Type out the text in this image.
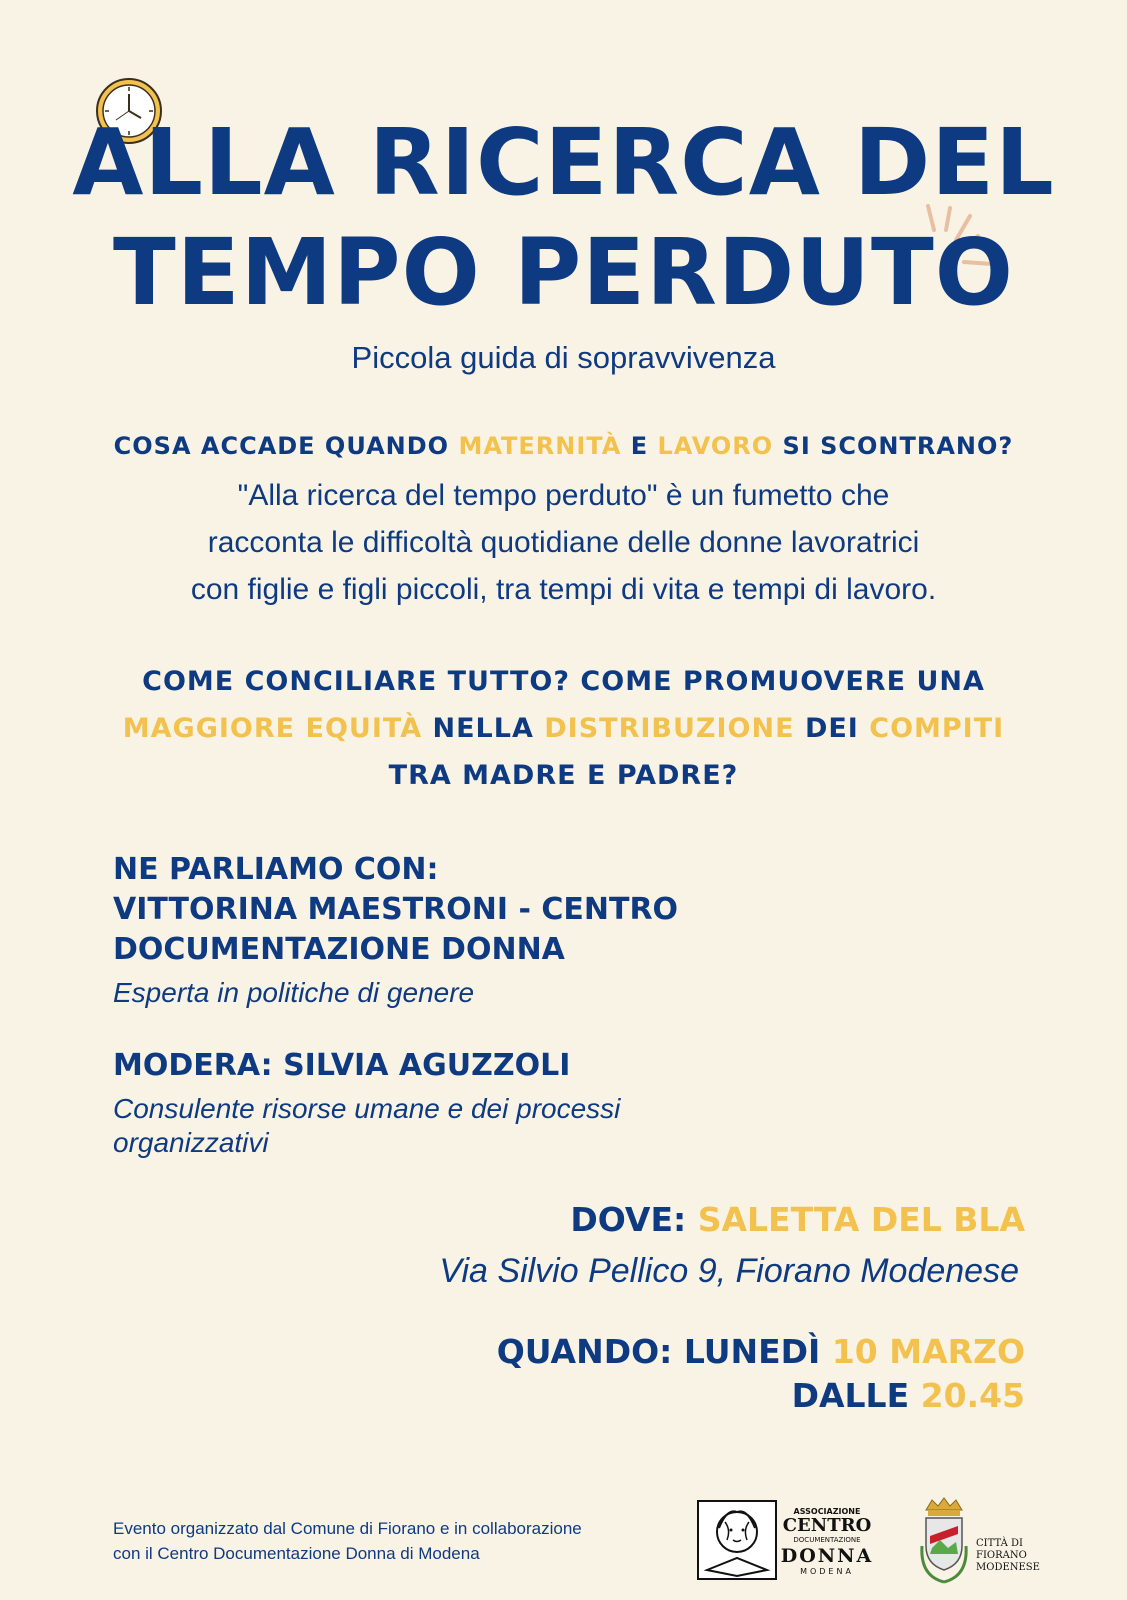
ALLA RICERCA DEL
TEMPO PERDUTO
Piccola guida di sopravvivenza
COSA ACCADE QUANDO MATERNITÀ E LAVORO SI SCONTRANO?
"Alla ricerca del tempo perduto" è un fumetto che
racconta le difficoltà quotidiane delle donne lavoratrici
con figlie e figli piccoli, tra tempi di vita e tempi di lavoro.
COME CONCILIARE TUTTO? COME PROMUOVERE UNA
MAGGIORE EQUITÀ NELLA DISTRIBUZIONE DEI COMPITI
TRA MADRE E PADRE?
NE PARLIAMO CON:
VITTORINA MAESTRONI - CENTRO
DOCUMENTAZIONE DONNA
Esperta in politiche di genere
MODERA: SILVIA AGUZZOLI
Consulente risorse umane e dei processi
organizzativi
DOVE: SALETTA DEL BLA
Via Silvio Pellico 9, Fiorano Modenese
QUANDO: LUNEDÌ 10 MARZO
DALLE 20.45
Evento organizzato dal Comune di Fiorano e in collaborazione
con il Centro Documentazione Donna di Modena
ASSOCIAZIONE
CENTRO
DOCUMENTAZIONE
DONNA
MODENA
CITTÀ DI
FIORANO
MODENESE
